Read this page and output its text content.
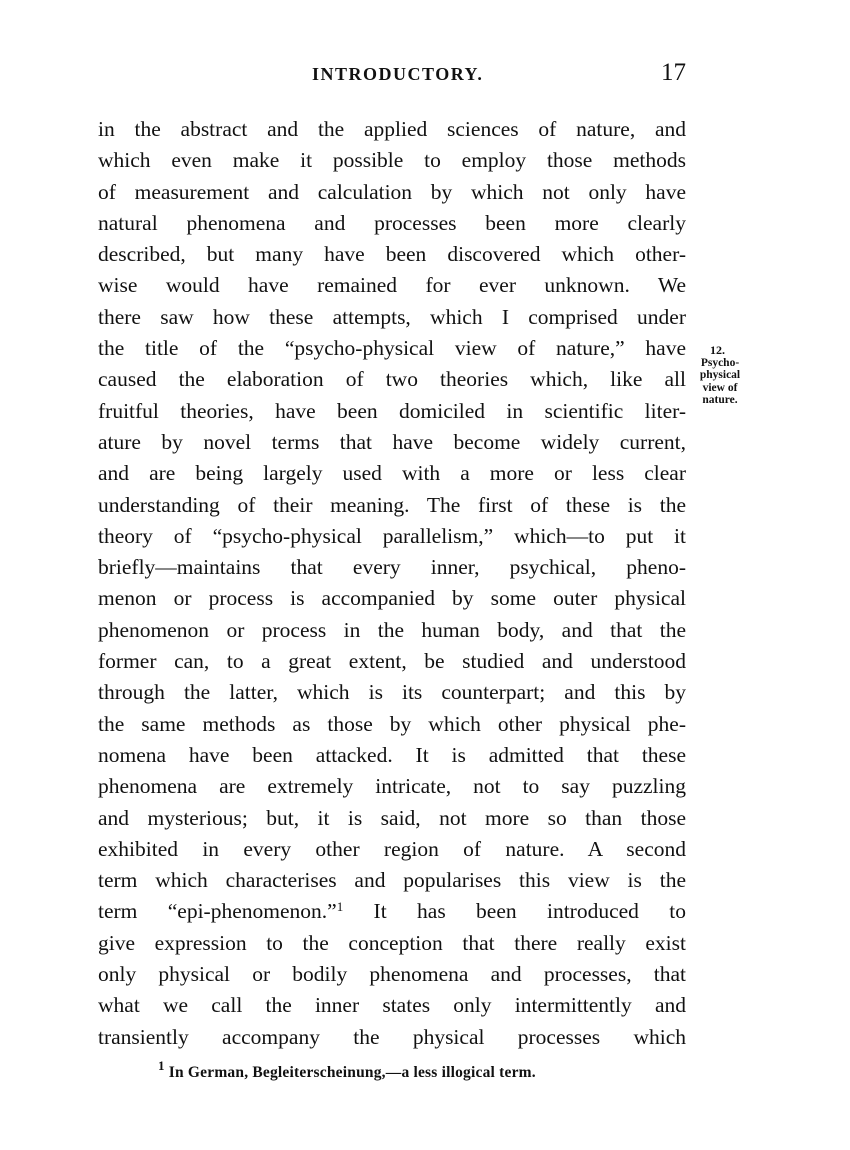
INTRODUCTORY.	17
in the abstract and the applied sciences of nature, and
which even make it possible to employ those methods
of measurement and calculation by which not only have
natural phenomena and processes been more clearly
described, but many have been discovered which other-
wise would have remained for ever unknown. We
there saw how these attempts, which I comprised under
the title of the “psycho-physical view of nature,” have
caused the elaboration of two theories which, like all
fruitful theories, have been domiciled in scientific liter-
ature by novel terms that have become widely current,
and are being largely used with a more or less clear
understanding of their meaning. The first of these is the
theory of “psycho-physical parallelism,” which—to put it
briefly—maintains that every inner, psychical, pheno-
menon or process is accompanied by some outer physical
phenomenon or process in the human body, and that the
former can, to a great extent, be studied and understood
through the latter, which is its counterpart; and this by
the same methods as those by which other physical phe-
nomena have been attacked. It is admitted that these
phenomena are extremely intricate, not to say puzzling
and mysterious; but, it is said, not more so than those
exhibited in every other region of nature. A second
term which characterises and popularises this view is the
term “epi-phenomenon.”$^1$ It has been introduced to
give expression to the conception that there really exist
only physical or bodily phenomena and processes, that
what we call the inner states only intermittently and
transiently accompany the physical processes which
12.
Psycho-
physical
view of
nature.
$^1$ In German, Begleiterscheinung,—a less illogical term.
